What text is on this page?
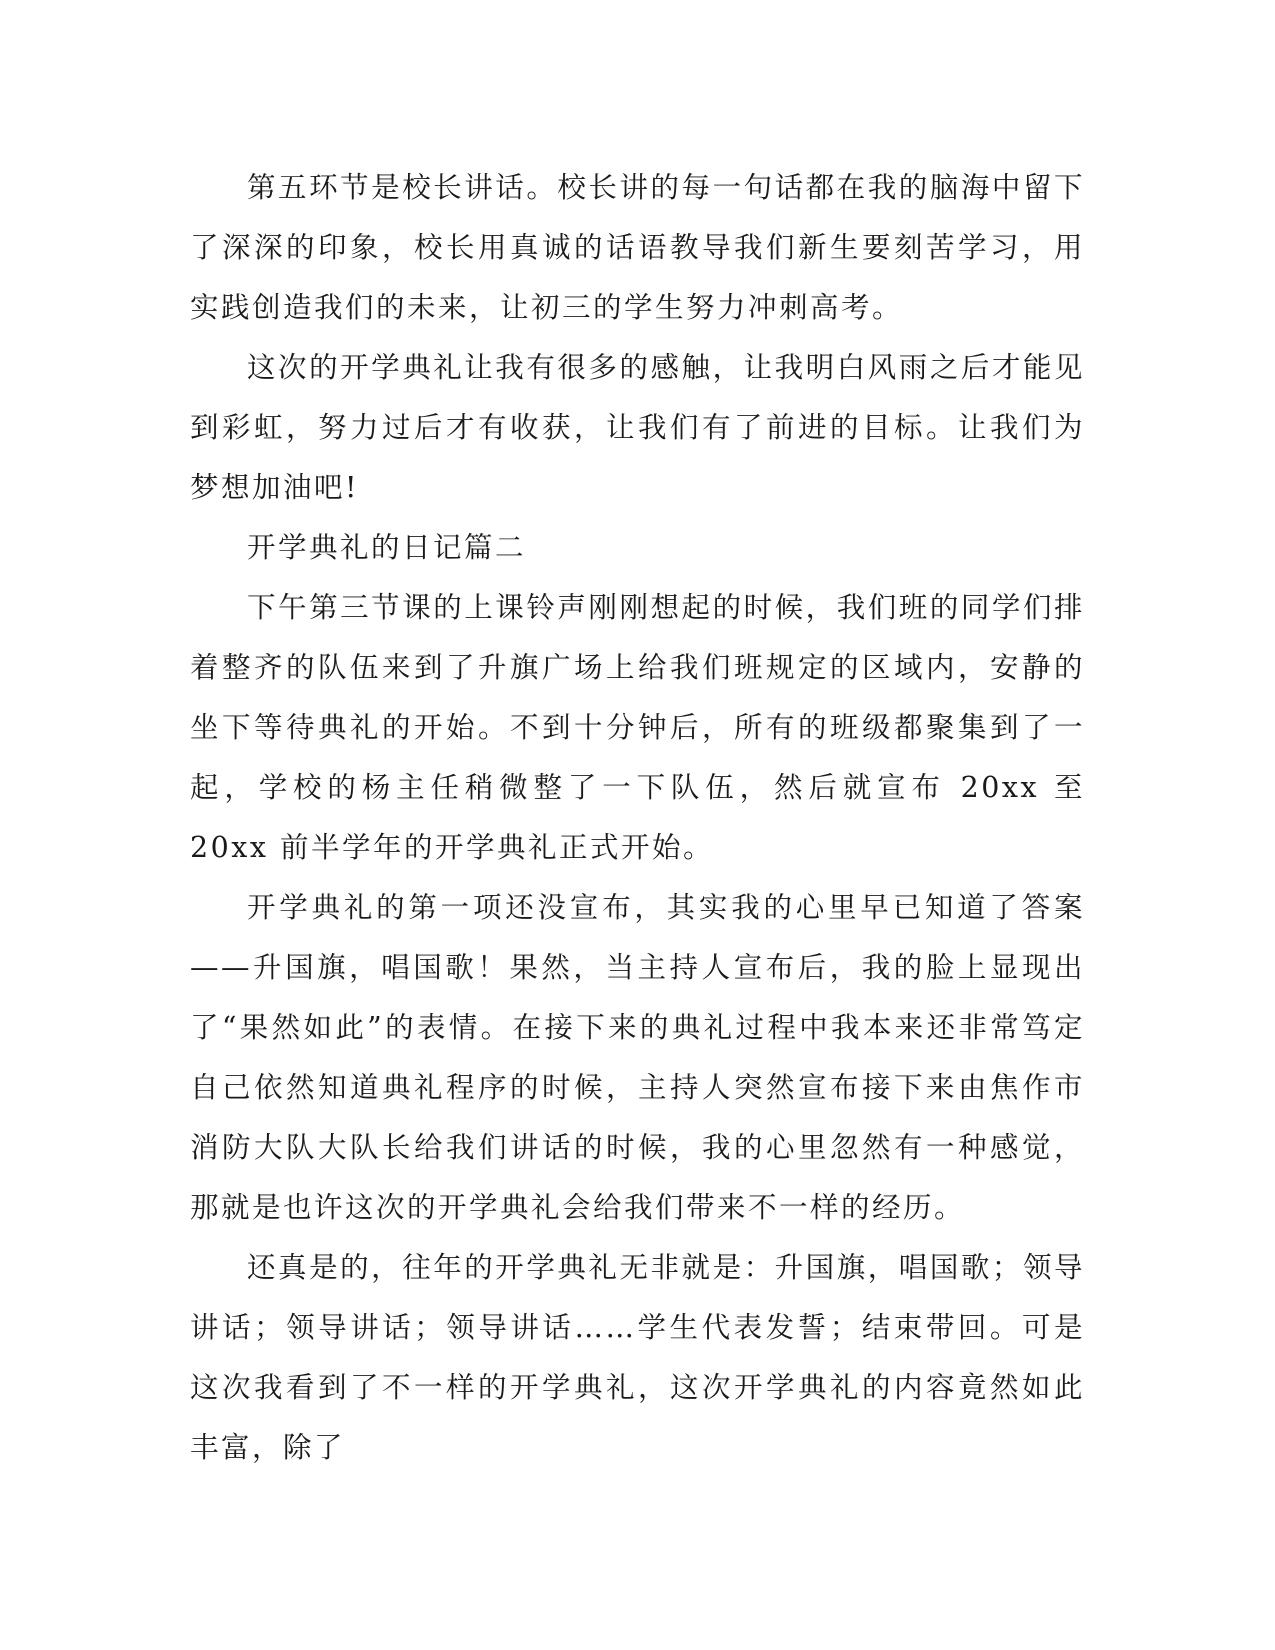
第五环节是校长讲话。校长讲的每一句话都在我的脑海中留下了深深的印象，校长用真诚的话语教导我们新生要刻苦学习，用实践创造我们的未来，让初三的学生努力冲刺高考。

这次的开学典礼让我有很多的感触，让我明白风雨之后才能见到彩虹，努力过后才有收获，让我们有了前进的目标。让我们为梦想加油吧!

开学典礼的日记篇二

下午第三节课的上课铃声刚刚想起的时候，我们班的同学们排着整齐的队伍来到了升旗广场上给我们班规定的区域内，安静的坐下等待典礼的开始。不到十分钟后，所有的班级都聚集到了一起，学校的杨主任稍微整了一下队伍，然后就宣布 20xx 至 20xx 前半学年的开学典礼正式开始。

开学典礼的第一项还没宣布，其实我的心里早已知道了答案——升国旗，唱国歌！果然，当主持人宣布后，我的脸上显现出了“果然如此”的表情。在接下来的典礼过程中我本来还非常笃定自己依然知道典礼程序的时候，主持人突然宣布接下来由焦作市消防大队大队长给我们讲话的时候，我的心里忽然有一种感觉，那就是也许这次的开学典礼会给我们带来不一样的经历。

还真是的，往年的开学典礼无非就是：升国旗，唱国歌；领导讲话；领导讲话；领导讲话……学生代表发誓；结束带回。可是这次我看到了不一样的开学典礼，这次开学典礼的内容竟然如此丰富，除了
